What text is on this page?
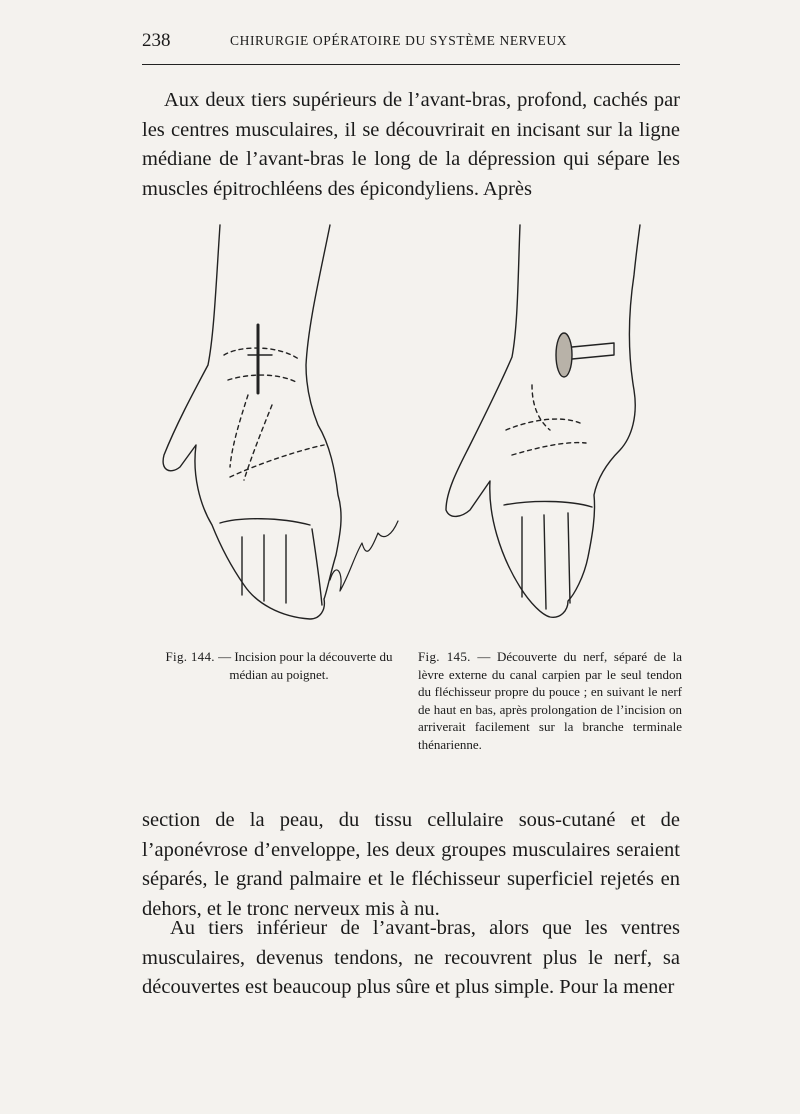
238	CHIRURGIE OPÉRATOIRE DU SYSTÈME NERVEUX

Aux deux tiers supérieurs de l’avant-bras, profond, cachés par les centres musculaires, il se découvrirait en incisant sur la ligne médiane de l’avant-bras le long de la dépression qui sépare les muscles épitrochléens des épicondyliens. Après

Fig. 144. — Incision pour la découverte du médian au poignet.

Fig. 145. — Découverte du nerf, séparé de la lèvre externe du canal carpien par le seul tendon du fléchisseur propre du pouce ; en suivant le nerf de haut en bas, après prolongation de l’incision on arriverait facilement sur la branche terminale thénarienne.

section de la peau, du tissu cellulaire sous-cutané et de l’aponévrose d’enveloppe, les deux groupes musculaires seraient séparés, le grand palmaire et le fléchisseur superficiel rejetés en dehors, et le tronc nerveux mis à nu.

Au tiers inférieur de l’avant-bras, alors que les ventres musculaires, devenus tendons, ne recouvrent plus le nerf, sa découvertes est beaucoup plus sûre et plus simple. Pour la mener
